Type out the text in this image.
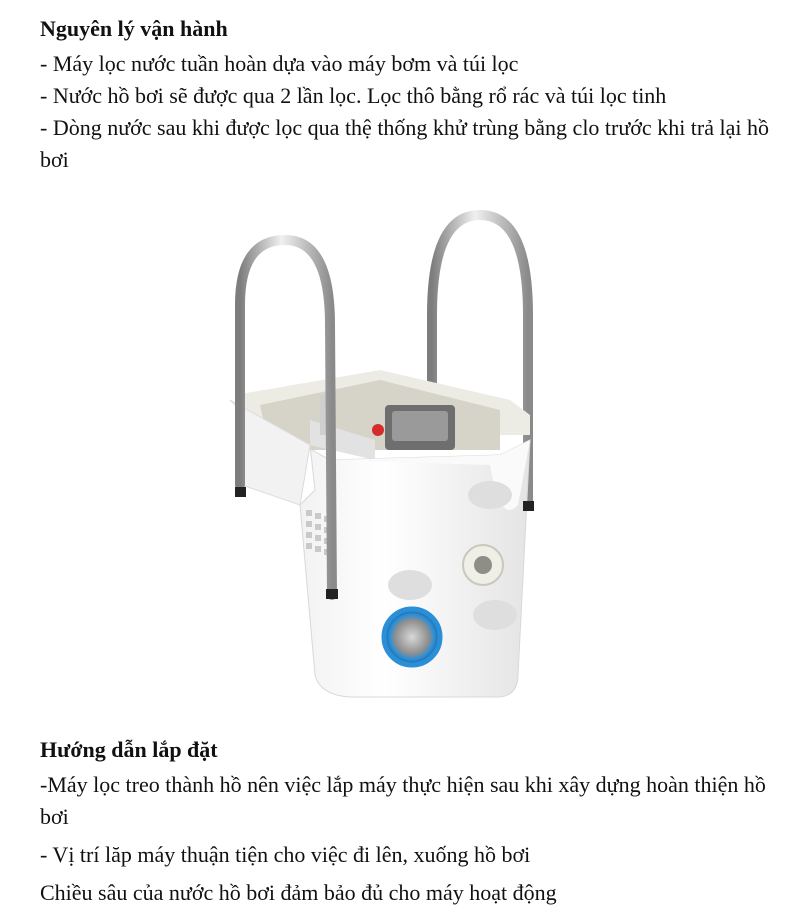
Nguyên lý vận hành

- Máy lọc nước tuần hoàn dựa vào máy bơm và túi lọc

- Nước hồ bơi sẽ được qua 2 lần lọc. Lọc thô bằng rổ rác và túi lọc tinh

- Dòng nước sau khi được lọc qua thệ thống khử trùng bằng clo trước khi trả lại hồ bơi

Hướng dẫn lắp đặt

-Máy lọc treo thành hồ nên việc lắp máy thực hiện sau khi xây dựng hoàn thiện hồ bơi

- Vị trí lăp máy thuận tiện cho việc đi lên, xuống hồ bơi

Chiều sâu của nước hồ bơi đảm bảo đủ cho máy hoạt động
